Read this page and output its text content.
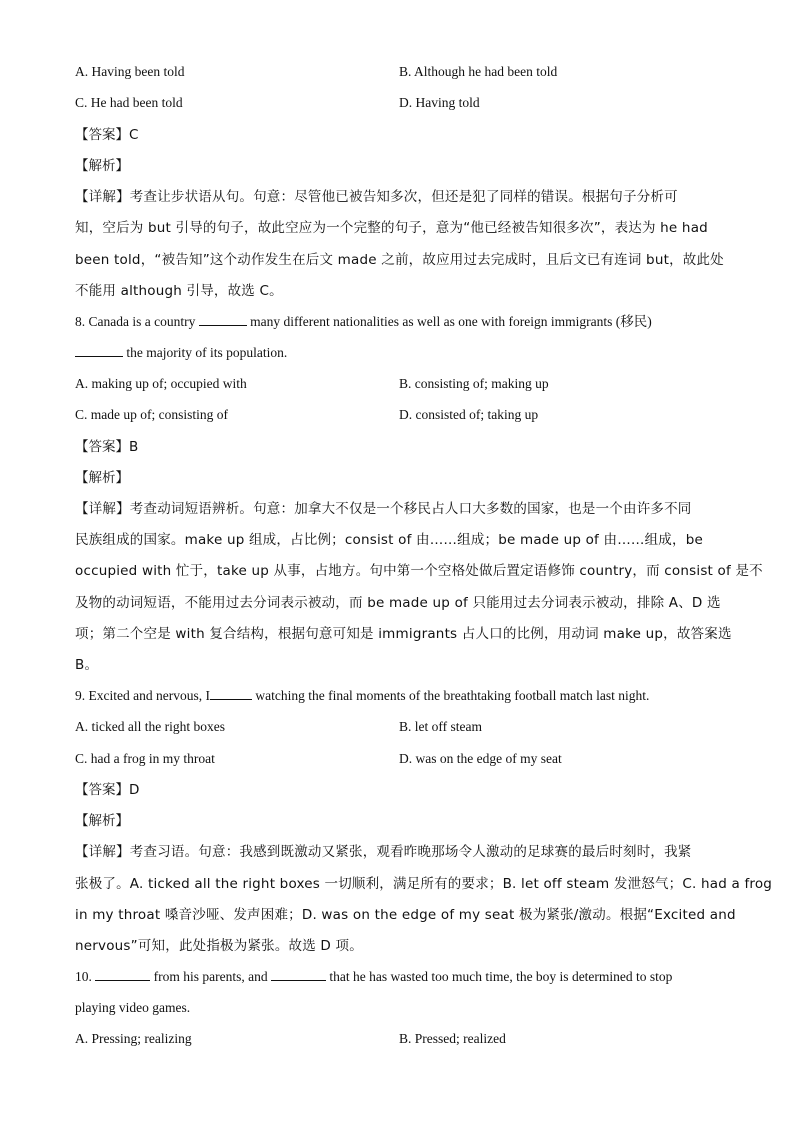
A. Having been told	B. Although he had been told
C. He had been told	D. Having told
【答案】C
【解析】
【详解】考查让步状语从句。句意：尽管他已被告知多次，但还是犯了同样的错误。根据句子分析可
知，空后为 but 引导的句子，故此空应为一个完整的句子，意为“他已经被告知很多次”，表达为 he had
been told，“被告知”这个动作发生在后文 made 之前，故应用过去完成时，且后文已有连词 but，故此处
不能用 although 引导，故选 C。
8. Canada is a country	many different nationalities as well as one with foreign immigrants (移民)
the majority of its population.
A. making up of; occupied with	B. consisting of; making up
C. made up of; consisting of	D. consisted of; taking up
【答案】B
【解析】
【详解】考查动词短语辨析。句意：加拿大不仅是一个移民占人口大多数的国家，也是一个由许多不同
民族组成的国家。make up 组成，占比例；consist of 由……组成；be made up of 由……组成，be
occupied with 忙于，take up 从事，占地方。句中第一个空格处做后置定语修饰 country，而 consist of 是不
及物的动词短语，不能用过去分词表示被动，而 be made up of 只能用过去分词表示被动，排除 A、D 选
项；第二个空是 with 复合结构，根据句意可知是 immigrants 占人口的比例，用动词 make up，故答案选
B。
9. Excited and nervous, I	watching the final moments of the breathtaking football match last night.
A. ticked all the right boxes	B. let off steam
C. had a frog in my throat	D. was on the edge of my seat
【答案】D
【解析】
【详解】考查习语。句意：我感到既激动又紧张，观看昨晚那场令人激动的足球赛的最后时刻时，我紧
张极了。A. ticked all the right boxes 一切顺利，满足所有的要求；B. let off steam 发泄怒气；C. had a frog
in my throat 嗓音沙哑、发声困难；D. was on the edge of my seat 极为紧张/激动。根据“Excited and
nervous”可知，此处指极为紧张。故选 D 项。
10.	from his parents, and	that he has wasted too much time, the boy is determined to stop
playing video games.
A. Pressing; realizing	B. Pressed; realized
